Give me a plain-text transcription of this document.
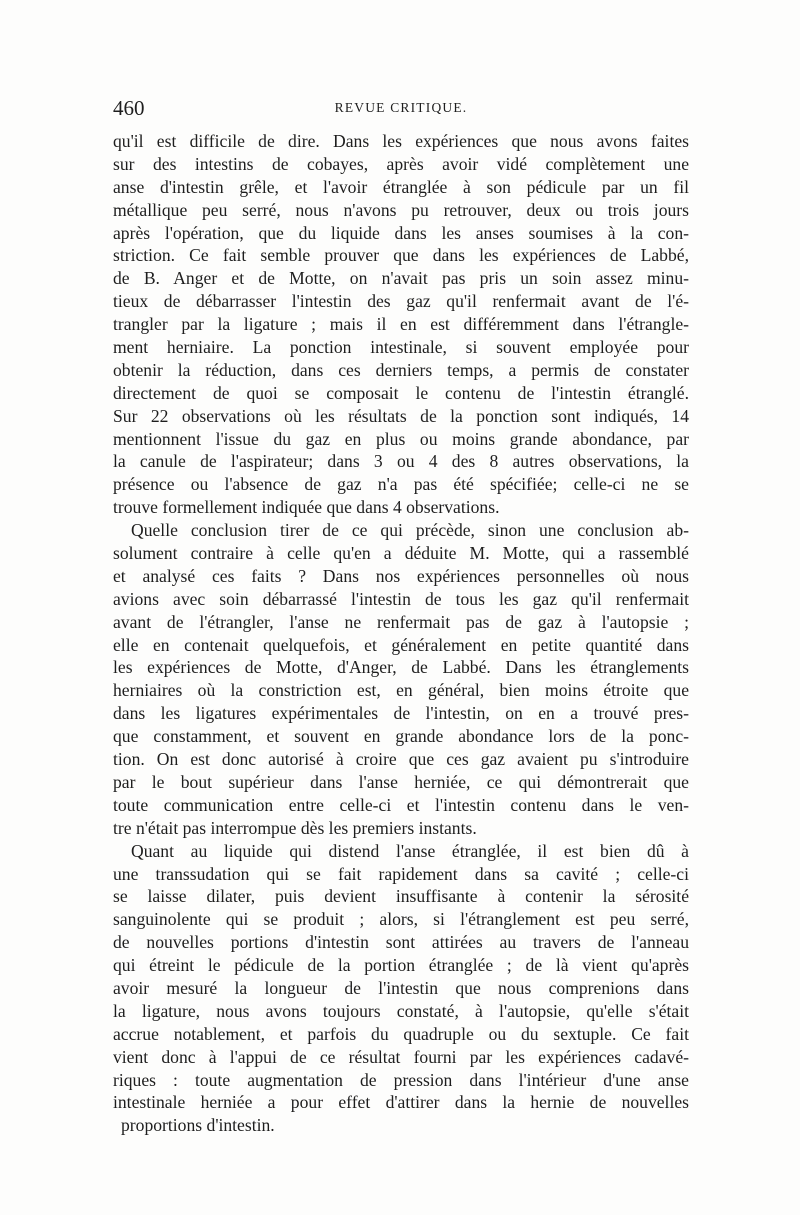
460	REVUE CRITIQUE.
qu'il est difficile de dire. Dans les expériences que nous avons faites
sur des intestins de cobayes, après avoir vidé complètement une
anse d'intestin grêle, et l'avoir étranglée à son pédicule par un fil
métallique peu serré, nous n'avons pu retrouver, deux ou trois jours
après l'opération, que du liquide dans les anses soumises à la con-
striction. Ce fait semble prouver que dans les expériences de Labbé,
de B. Anger et de Motte, on n'avait pas pris un soin assez minu-
tieux de débarrasser l'intestin des gaz qu'il renfermait avant de l'é-
trangler par la ligature ; mais il en est différemment dans l'étrangle-
ment herniaire. La ponction intestinale, si souvent employée pour
obtenir la réduction, dans ces derniers temps, a permis de constater
directement de quoi se composait le contenu de l'intestin étranglé.
Sur 22 observations où les résultats de la ponction sont indiqués, 14
mentionnent l'issue du gaz en plus ou moins grande abondance, par
la canule de l'aspirateur; dans 3 ou 4 des 8 autres observations, la
présence ou l'absence de gaz n'a pas été spécifiée; celle-ci ne se
trouve formellement indiquée que dans 4 observations.
Quelle conclusion tirer de ce qui précède, sinon une conclusion ab-
solument contraire à celle qu'en a déduite M. Motte, qui a rassemblé
et analysé ces faits ? Dans nos expériences personnelles où nous
avions avec soin débarrassé l'intestin de tous les gaz qu'il renfermait
avant de l'étrangler, l'anse ne renfermait pas de gaz à l'autopsie ;
elle en contenait quelquefois, et généralement en petite quantité dans
les expériences de Motte, d'Anger, de Labbé. Dans les étranglements
herniaires où la constriction est, en général, bien moins étroite que
dans les ligatures expérimentales de l'intestin, on en a trouvé pres-
que constamment, et souvent en grande abondance lors de la ponc-
tion. On est donc autorisé à croire que ces gaz avaient pu s'introduire
par le bout supérieur dans l'anse herniée, ce qui démontrerait que
toute communication entre celle-ci et l'intestin contenu dans le ven-
tre n'était pas interrompue dès les premiers instants.
Quant au liquide qui distend l'anse étranglée, il est bien dû à
une transsudation qui se fait rapidement dans sa cavité ; celle-ci
se laisse dilater, puis devient insuffisante à contenir la sérosité
sanguinolente qui se produit ; alors, si l'étranglement est peu serré,
de nouvelles portions d'intestin sont attirées au travers de l'anneau
qui étreint le pédicule de la portion étranglée ; de là vient qu'après
avoir mesuré la longueur de l'intestin que nous comprenions dans
la ligature, nous avons toujours constaté, à l'autopsie, qu'elle s'était
accrue notablement, et parfois du quadruple ou du sextuple. Ce fait
vient donc à l'appui de ce résultat fourni par les expériences cadavé-
riques : toute augmentation de pression dans l'intérieur d'une anse
intestinale herniée a pour effet d'attirer dans la hernie de nouvelles
proportions d'intestin.
